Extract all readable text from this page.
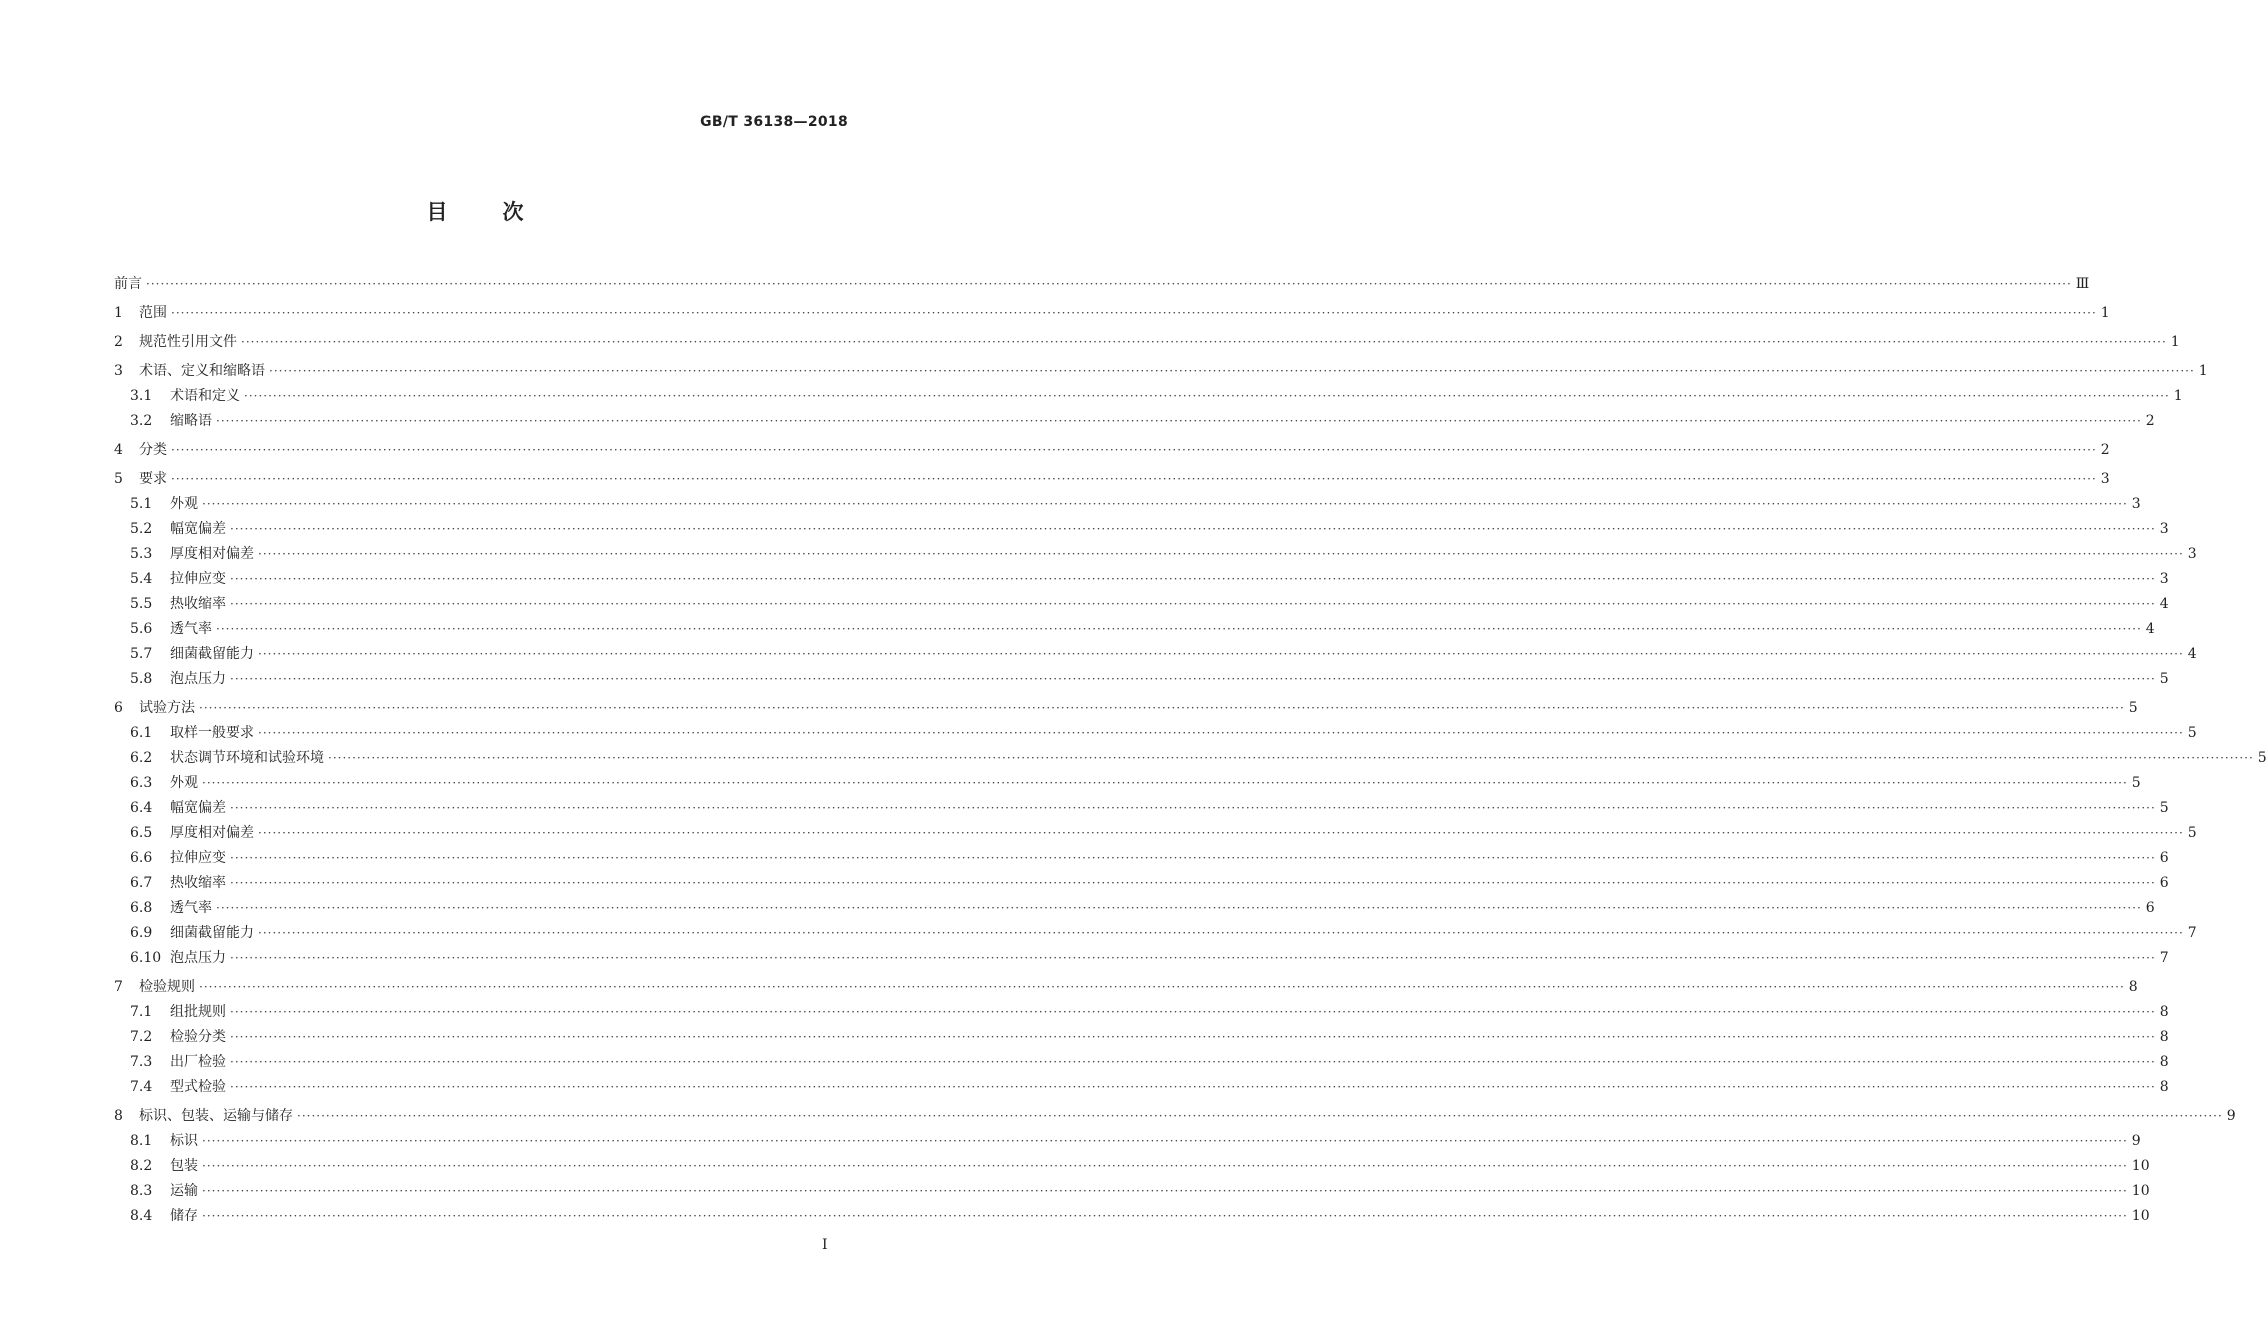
GB/T 36138—2018
目	次
前言 ················································································································································································································································································································································································································ Ⅲ
1	范围 ················································································································································································································································································································································································································ 1
2	规范性引用文件 ················································································································································································································································································································································································································ 1
3	术语、定义和缩略语 ················································································································································································································································································································································································································ 1
3.1	术语和定义 ················································································································································································································································································································································································································ 1
3.2	缩略语 ················································································································································································································································································································································································································ 2
4	分类 ················································································································································································································································································································································································································ 2
5	要求 ················································································································································································································································································································································································································ 3
5.1	外观 ················································································································································································································································································································································································································ 3
5.2	幅宽偏差 ················································································································································································································································································································································································································ 3
5.3	厚度相对偏差 ················································································································································································································································································································································································································ 3
5.4	拉伸应变 ················································································································································································································································································································································································································ 3
5.5	热收缩率 ················································································································································································································································································································································································································ 4
5.6	透气率 ················································································································································································································································································································································································································ 4
5.7	细菌截留能力 ················································································································································································································································································································································································································ 4
5.8	泡点压力 ················································································································································································································································································································································································································ 5
6	试验方法 ················································································································································································································································································································································································································ 5
6.1	取样一般要求 ················································································································································································································································································································································································································ 5
6.2	状态调节环境和试验环境 ················································································································································································································································································································································································································ 5
6.3	外观 ················································································································································································································································································································································································································ 5
6.4	幅宽偏差 ················································································································································································································································································································································································································ 5
6.5	厚度相对偏差 ················································································································································································································································································································································································································ 5
6.6	拉伸应变 ················································································································································································································································································································································································································ 6
6.7	热收缩率 ················································································································································································································································································································································································································ 6
6.8	透气率 ················································································································································································································································································································································································································ 6
6.9	细菌截留能力 ················································································································································································································································································································································································································ 7
6.10 泡点压力 ················································································································································································································································································································································································································ 7
7	检验规则 ················································································································································································································································································································································································································ 8
7.1	组批规则 ················································································································································································································································································································································································································ 8
7.2	检验分类 ················································································································································································································································································································································································································ 8
7.3	出厂检验 ················································································································································································································································································································································································································ 8
7.4	型式检验 ················································································································································································································································································································································································································ 8
8	标识、包装、运输与储存 ················································································································································································································································································································································································································ 9
8.1	标识 ················································································································································································································································································································································································································ 9
8.2	包装 ················································································································································································································································································································································································································ 10
8.3	运输 ················································································································································································································································································································································································································ 10
8.4	储存 ················································································································································································································································································································································································································ 10
I
